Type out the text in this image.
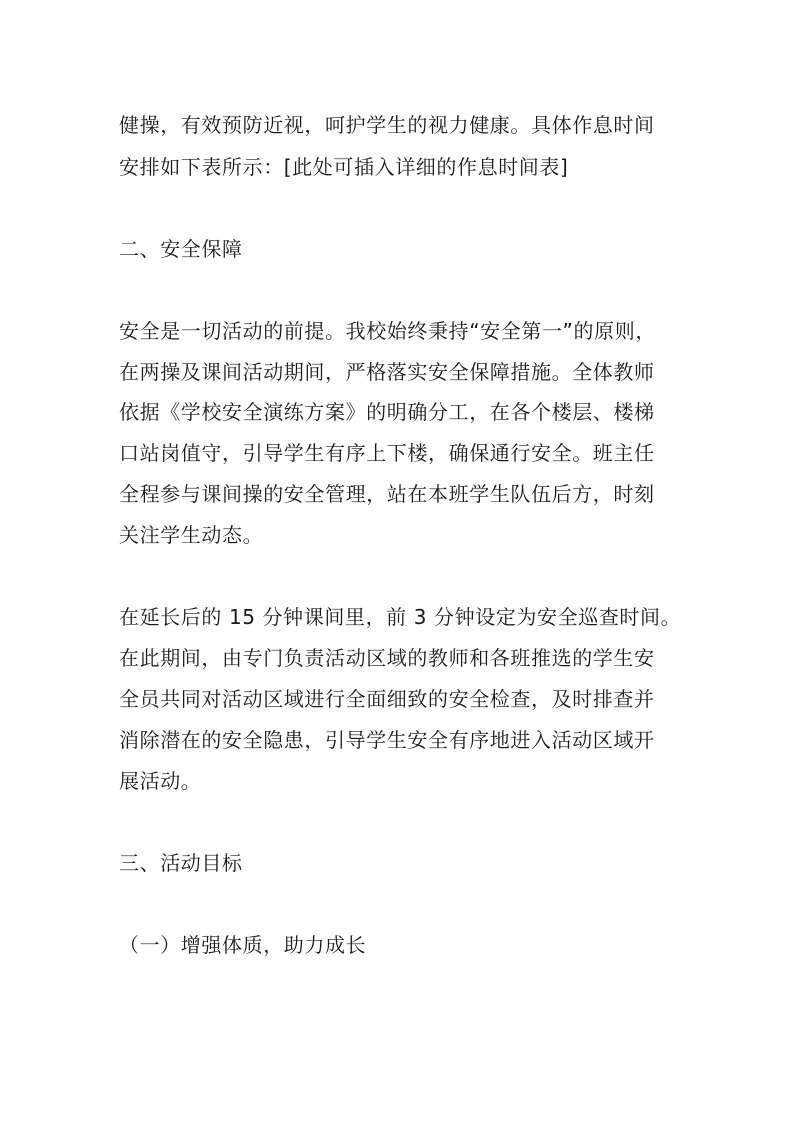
健操，有效预防近视，呵护学生的视力健康。具体作息时间
安排如下表所示：[此处可插入详细的作息时间表]
二、安全保障
安全是一切活动的前提。我校始终秉持“安全第一”的原则，
在两操及课间活动期间，严格落实安全保障措施。全体教师
依据《学校安全演练方案》的明确分工，在各个楼层、楼梯
口站岗值守，引导学生有序上下楼，确保通行安全。班主任
全程参与课间操的安全管理，站在本班学生队伍后方，时刻
关注学生动态。
在延长后的 15 分钟课间里，前 3 分钟设定为安全巡查时间。
在此期间，由专门负责活动区域的教师和各班推选的学生安
全员共同对活动区域进行全面细致的安全检查，及时排查并
消除潜在的安全隐患，引导学生安全有序地进入活动区域开
展活动。
三、活动目标
（一）增强体质，助力成长
